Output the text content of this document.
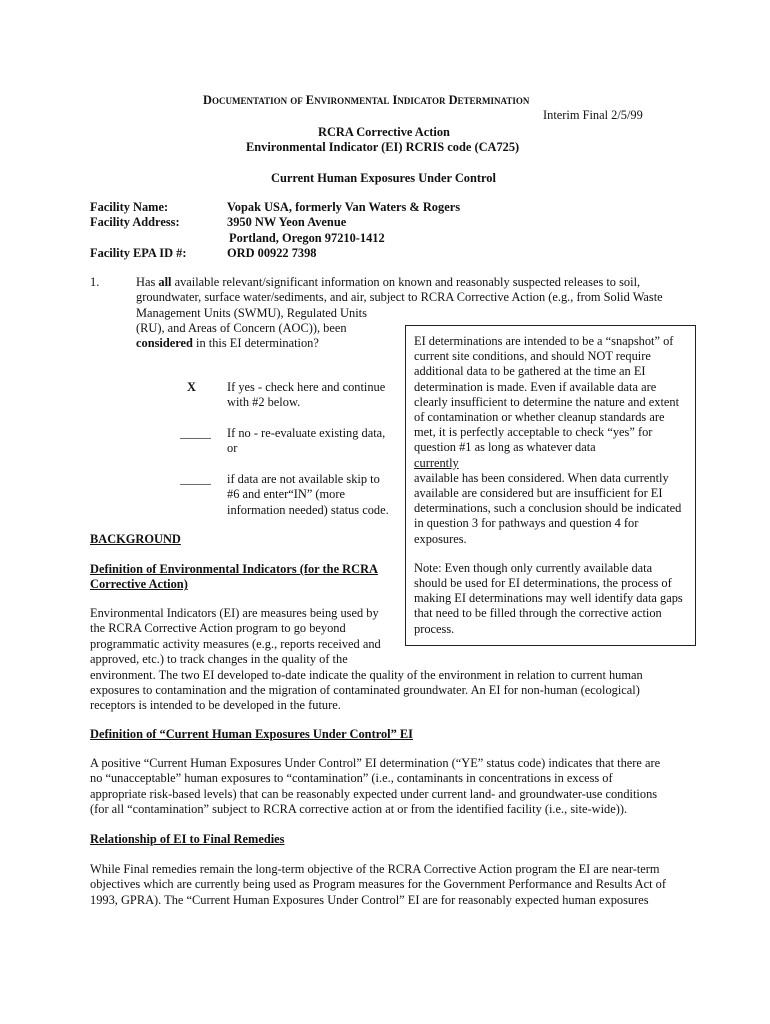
Documentation of Environmental Indicator Determination
Interim Final 2/5/99
RCRA Corrective Action
Environmental Indicator (EI) RCRIS code (CA725)
Current Human Exposures Under Control
Facility Name:	Vopak USA, formerly Van Waters & Rogers
Facility Address:	3950 NW Yeon Avenue
Portland, Oregon 97210-1412
Facility EPA ID #:	ORD 00922 7398
1.	Has all available relevant/significant information on known and reasonably suspected releases to soil,
groundwater, surface water/sediments, and air, subject to RCRA Corrective Action (e.g., from Solid Waste
Management Units (SWMU), Regulated Units
(RU), and Areas of Concern (AOC)), been
considered in this EI determination?
X	If yes - check here and continue
with #2 below.
_____ If no - re-evaluate existing data,
or
_____ if data are not available skip to
#6 and enter“IN” (more
information needed) status code.
EI determinations are intended to be a “snapshot” of
current site conditions, and should NOT require
additional data to be gathered at the time an EI
determination is made. Even if available data are
clearly insufficient to determine the nature and extent
of contamination or whether cleanup standards are
met, it is perfectly acceptable to check “yes” for
question #1 as long as whatever data
currently
available has been considered. When data currently
available are considered but are insufficient for EI
determinations, such a conclusion should be indicated
in question 3 for pathways and question 4 for
exposures.
Note: Even though only currently available data
should be used for EI determinations, the process of
making EI determinations may well identify data gaps
that need to be filled through the corrective action
process.
BACKGROUND
Definition of Environmental Indicators (for the RCRA
Corrective Action)
Environmental Indicators (EI) are measures being used by
the RCRA Corrective Action program to go beyond
programmatic activity measures (e.g., reports received and
approved, etc.) to track changes in the quality of the
environment. The two EI developed to-date indicate the quality of the environment in relation to current human
exposures to contamination and the migration of contaminated groundwater. An EI for non-human (ecological)
receptors is intended to be developed in the future.
Definition of “Current Human Exposures Under Control” EI
A positive “Current Human Exposures Under Control” EI determination (“YE” status code) indicates that there are
no “unacceptable” human exposures to “contamination” (i.e., contaminants in concentrations in excess of
appropriate risk-based levels) that can be reasonably expected under current land- and groundwater-use conditions
(for all “contamination” subject to RCRA corrective action at or from the identified facility (i.e., site-wide)).
Relationship of EI to Final Remedies
While Final remedies remain the long-term objective of the RCRA Corrective Action program the EI are near-term
objectives which are currently being used as Program measures for the Government Performance and Results Act of
1993, GPRA). The “Current Human Exposures Under Control” EI are for reasonably expected human exposures
